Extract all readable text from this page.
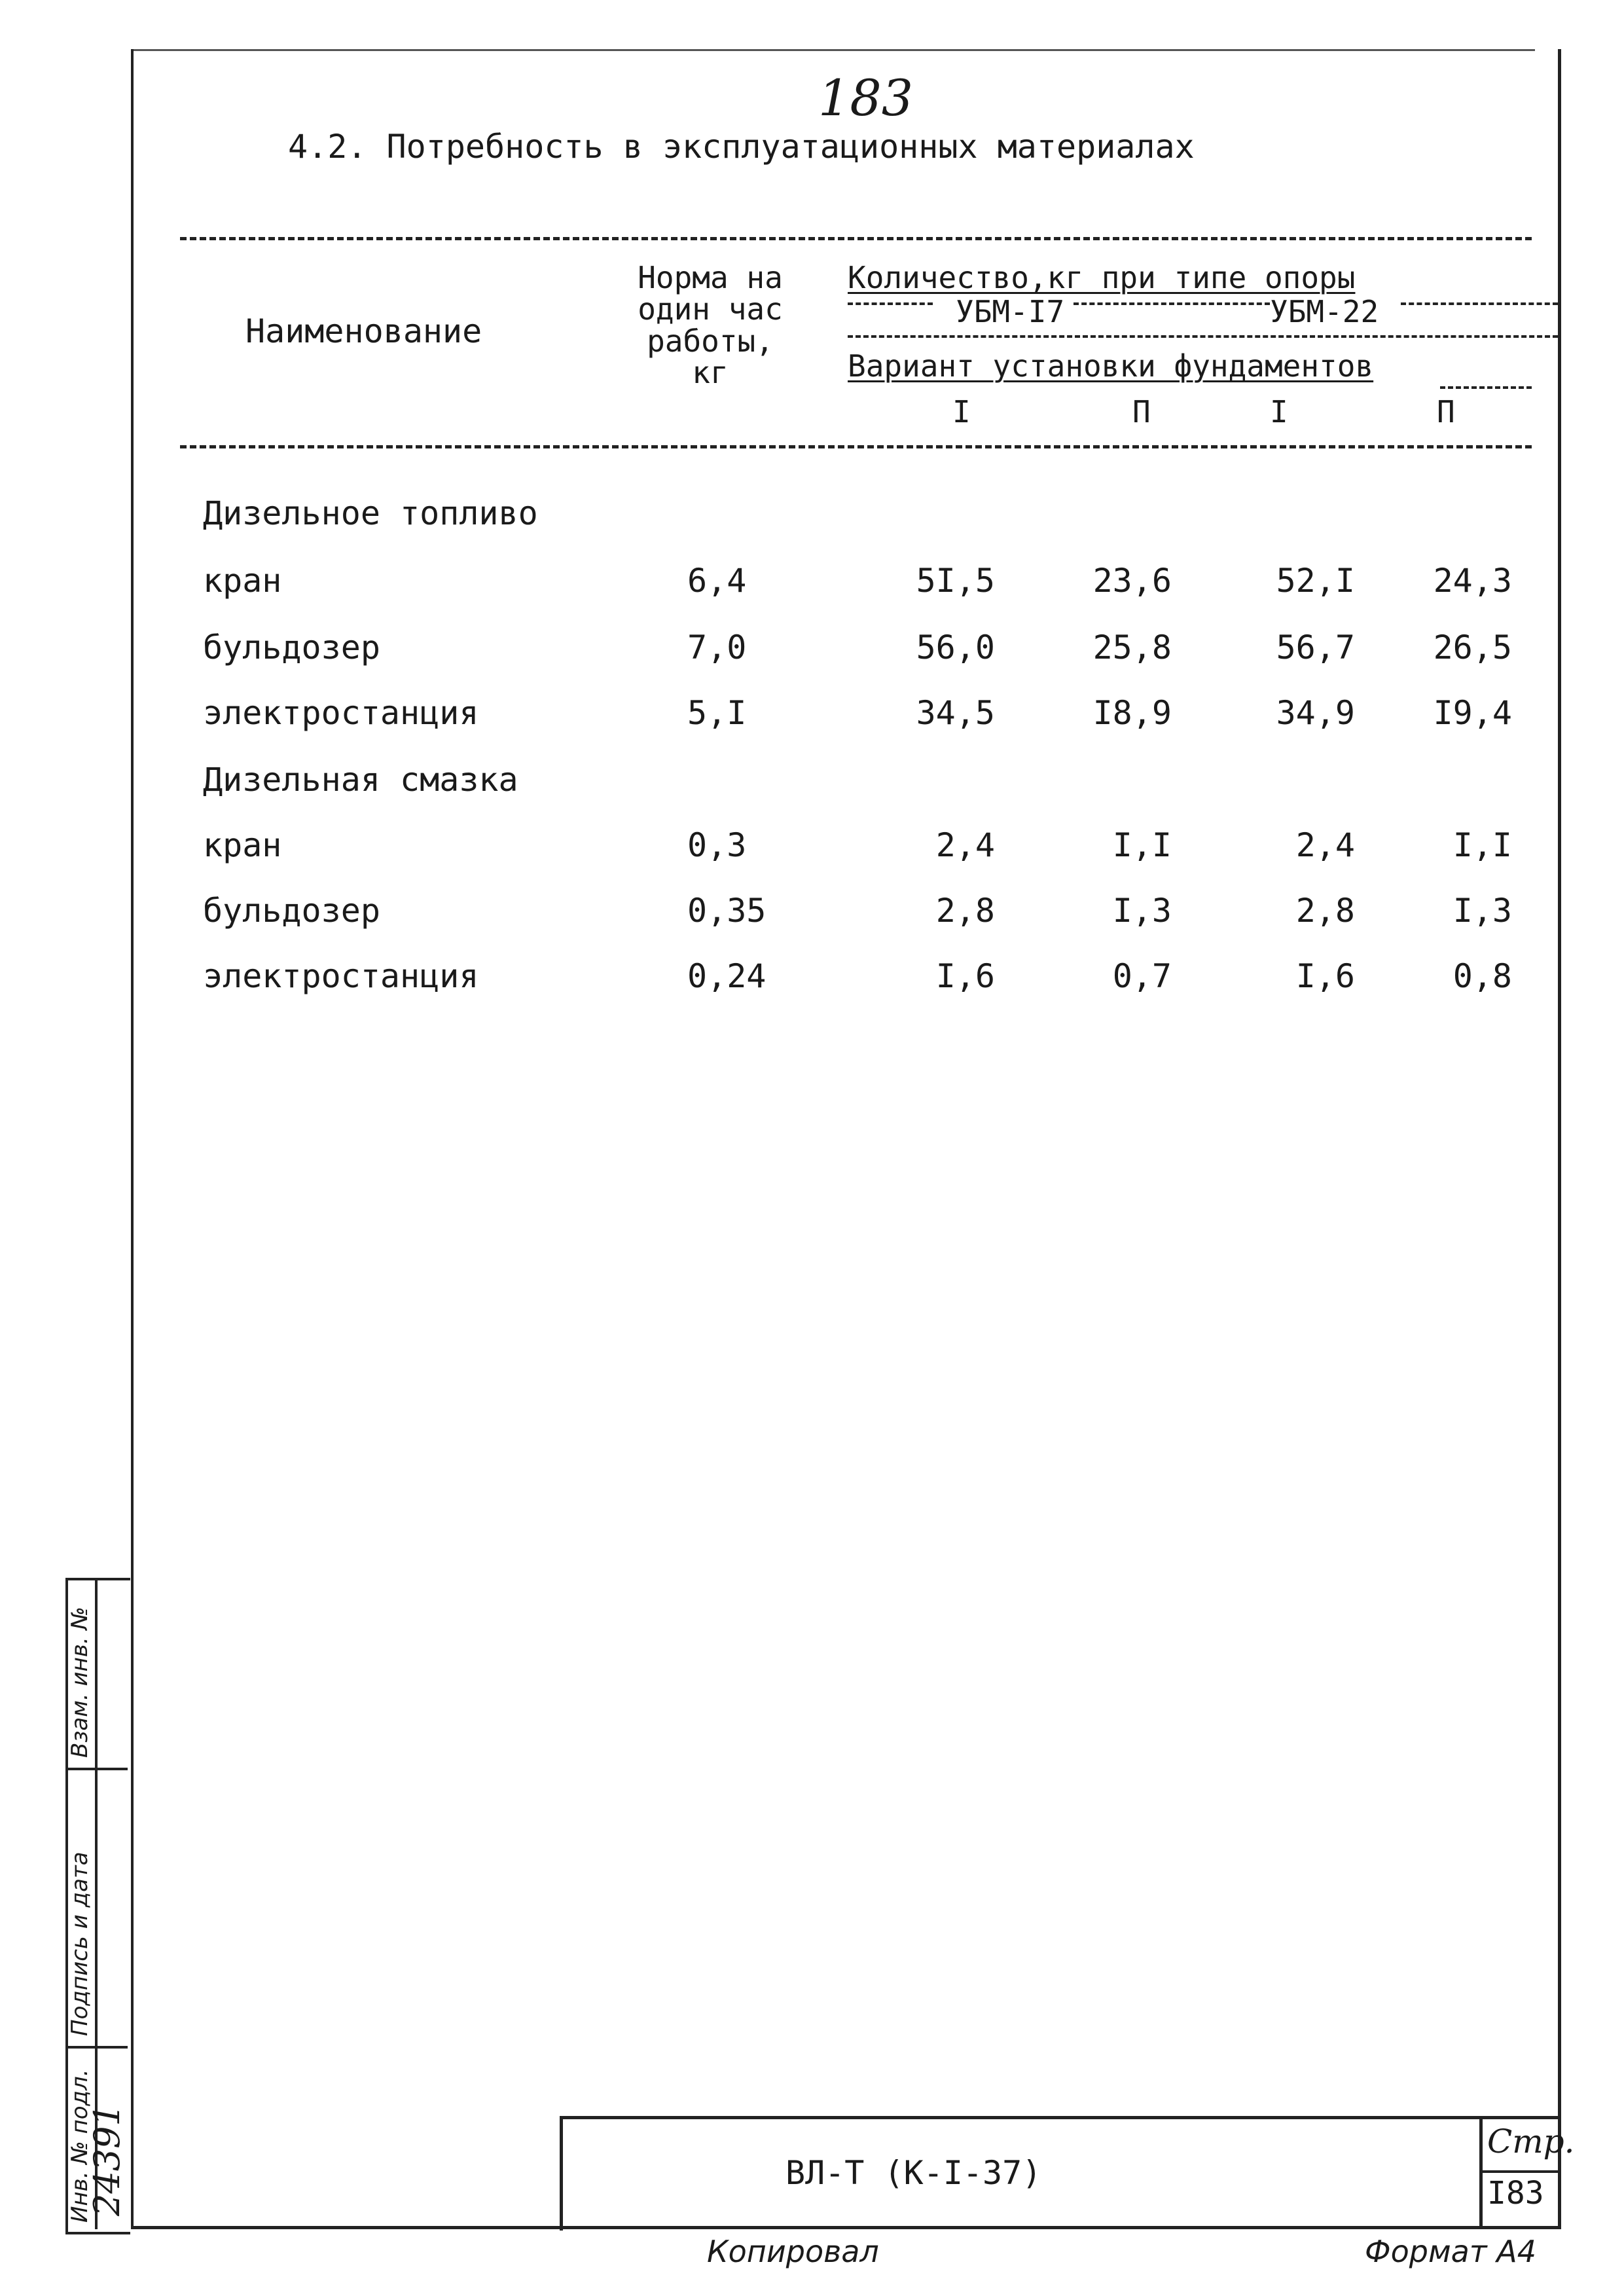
183
4.2. Потребность в эксплуатационных материалах
Наименование
Норма на
один час
работы,
кг
Количество,кг при типе опоры
УБМ-I7	УБМ-22
Вариант установки фундаментов
I	П	I	П
Дизельное топливо
кран	6,4	5I,5	23,6	52,I	24,3
бульдозер	7,0	56,0	25,8	56,7	26,5
электростанция	5,I	34,5	I8,9	34,9	I9,4
Дизельная смазка
кран	0,3	2,4	I,I	2,4	I,I
бульдозер	0,35	2,8	I,3	2,8	I,3
электростанция	0,24	I,6	0,7	I,6	0,8
Взам. инв. №
Подпись и дата
Инв. № подл.
24391	ВЛ-Т (К-I-37)
Стр.
I83
Копировал	Формат А4
